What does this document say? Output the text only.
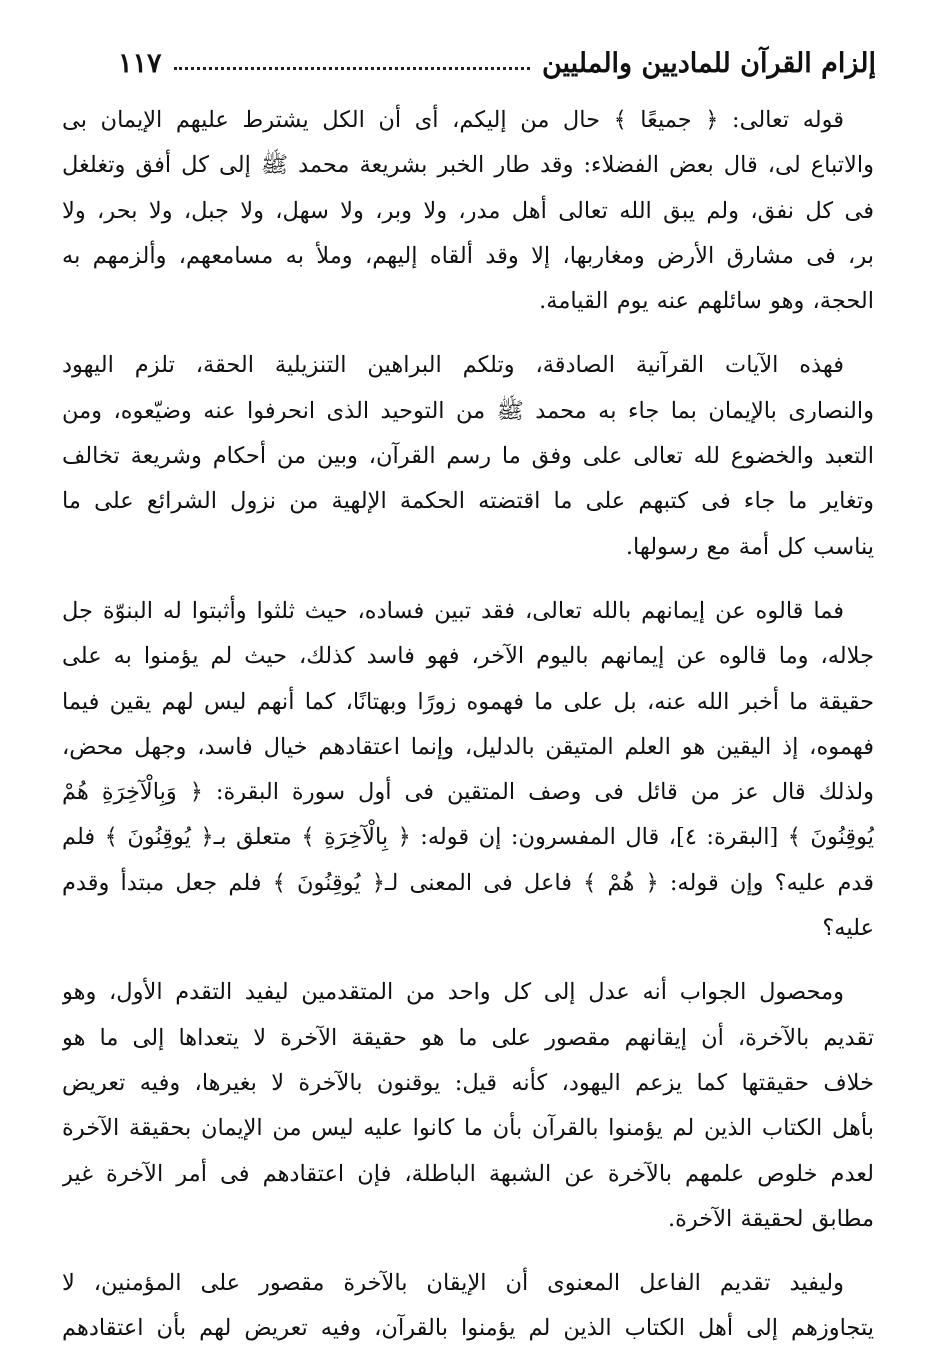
إلزام القرآن للماديين والمليين
١١٧
قوله تعالى: ﴿ جميعًا ﴾ حال من إليكم، أى أن الكل يشترط عليهم الإيمان بى
والاتباع لى، قال بعض الفضلاء: وقد طار الخبر بشريعة محمد ﷺ إلى كل أفق وتغلغل
فى كل نفق، ولم يبق الله تعالى أهل مدر، ولا وبر، ولا سهل، ولا جبل، ولا بحر، ولا
بر، فى مشارق الأرض ومغاربها، إلا وقد ألقاه إليهم، وملأ به مسامعهم، وألزمهم به
الحجة، وهو سائلهم عنه يوم القيامة.
فهذه الآيات القرآنية الصادقة، وتلكم البراهين التنزيلية الحقة، تلزم اليهود
والنصارى بالإيمان بما جاء به محمد ﷺ من التوحيد الذى انحرفوا عنه وضيّعوه، ومن
التعبد والخضوع لله تعالى على وفق ما رسم القرآن، وبين من أحكام وشريعة تخالف
وتغاير ما جاء فى كتبهم على ما اقتضته الحكمة الإلهية من نزول الشرائع على ما
يناسب كل أمة مع رسولها.
فما قالوه عن إيمانهم بالله تعالى، فقد تبين فساده، حيث ثلثوا وأثبتوا له البنوّة جل
جلاله، وما قالوه عن إيمانهم باليوم الآخر، فهو فاسد كذلك، حيث لم يؤمنوا به على
حقيقة ما أخبر الله عنه، بل على ما فهموه زورًا وبهتانًا، كما أنهم ليس لهم يقين فيما
فهموه، إذ اليقين هو العلم المتيقن بالدليل، وإنما اعتقادهم خيال فاسد، وجهل محض،
ولذلك قال عز من قائل فى وصف المتقين فى أول سورة البقرة: ﴿ وَبِالْآخِرَةِ هُمْ
يُوقِنُونَ ﴾ [البقرة: ٤]، قال المفسرون: إن قوله: ﴿ بِالْآخِرَةِ ﴾ متعلق بـ﴿ يُوقِنُونَ ﴾ فلم
قدم عليه؟ وإن قوله: ﴿ هُمْ ﴾ فاعل فى المعنى لـ﴿ يُوقِنُونَ ﴾ فلم جعل مبتدأ وقدم
عليه؟
ومحصول الجواب أنه عدل إلى كل واحد من المتقدمين ليفيد التقدم الأول، وهو
تقديم بالآخرة، أن إيقانهم مقصور على ما هو حقيقة الآخرة لا يتعداها إلى ما هو
خلاف حقيقتها كما يزعم اليهود، كأنه قيل: يوقنون بالآخرة لا بغيرها، وفيه تعريض
بأهل الكتاب الذين لم يؤمنوا بالقرآن بأن ما كانوا عليه ليس من الإيمان بحقيقة الآخرة
لعدم خلوص علمهم بالآخرة عن الشبهة الباطلة، فإن اعتقادهم فى أمر الآخرة غير
مطابق لحقيقة الآخرة.
وليفيد تقديم الفاعل المعنوى أن الإيقان بالآخرة مقصور على المؤمنين، لا
يتجاوزهم إلى أهل الكتاب الذين لم يؤمنوا بالقرآن، وفيه تعريض لهم بأن اعتقادهم
